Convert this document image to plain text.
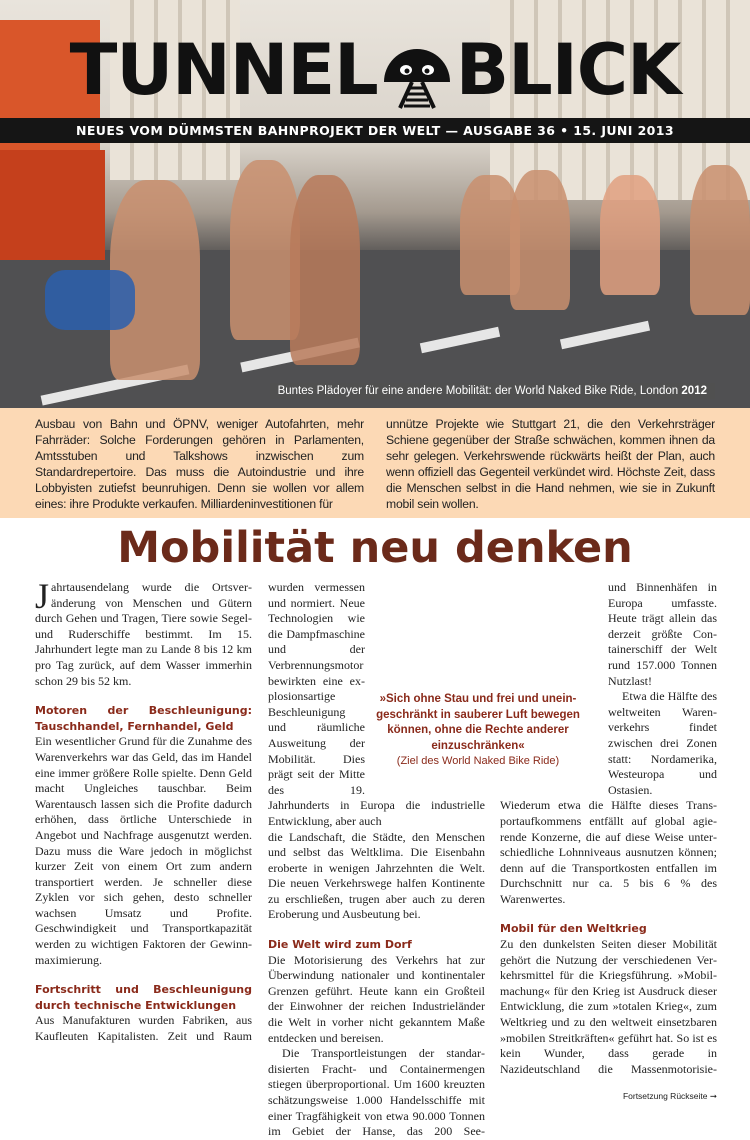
TUNNEL BLICK
NEUES VOM DÜMMSTEN BAHNPROJEKT DER WELT — AUSGABE 36 • 15. JUNI 2013
Buntes Plädoyer für eine andere Mobilität: der World Naked Bike Ride, London 2012

Ausbau von Bahn und ÖPNV, weniger Autofahrten, mehr Fahrräder: Solche Forderungen gehören in Parlamenten, Amtsstuben und Talkshows inzwischen zum Standardrepertoire. Das muss die Autoindustrie und ihre Lobbyisten zutiefst beunruhigen. Denn sie wollen vor allem eines: ihre Produkte verkaufen. Milliardeninvestitionen für

unnütze Projekte wie Stuttgart 21, die den Verkehrsträger Schiene gegenüber der Straße schwächen, kommen ihnen da sehr gelegen. Verkehrswende rückwärts heißt der Plan, auch wenn offiziell das Gegenteil verkündet wird. Höchste Zeit, dass die Menschen selbst in die Hand nehmen, wie sie in Zukunft mobil sein wollen.

Mobilität neu denken

Jahrtausendelang wurde die Ortsveränderung von Menschen und Gütern durch Gehen und Tragen, Tiere sowie Segel- und Ruderschiffe bestimmt. Im 15. Jahrhundert legte man zu Lande 8 bis 12 km pro Tag zurück, auf dem Wasser immerhin schon 29 bis 52 km.

Motoren der Beschleunigung: Tauschhandel, Fernhandel, Geld

Ein wesentlicher Grund für die Zunahme des Warenverkehrs war das Geld, das im Handel eine immer größere Rolle spielte. Denn Geld macht Ungleiches tauschbar. Beim Warentausch lassen sich die Profite dadurch erhöhen, dass örtliche Unterschiede in Angebot und Nachfrage ausgenutzt werden. Dazu muss die Ware jedoch in möglichst kurzer Zeit von einem Ort zum andern transportiert werden. Je schneller diese Zyklen vor sich gehen, desto schneller wachsen Umsatz und Profite. Geschwindigkeit und Transportkapazität werden zu wichtigen Faktoren der Gewinnmaximierung.

Fortschritt und Beschleunigung durch technische Entwicklungen

Aus Manufakturen wurden Fabriken, aus Kaufleuten Kapitalisten. Zeit und Raum

»Sich ohne Stau und frei und uneingeschränkt in sauberer Luft bewegen können, ohne die Rechte anderer einzuschränken«
(Ziel des World Naked Bike Ride)

wurden vermessen und normiert. Neue Technologien wie die Dampfmaschine und der Verbrennungsmotor bewirkten eine explosionsartige Beschleunigung und räumliche Ausweitung der Mobilität. Dies prägt seit der Mitte des 19. Jahrhunderts in Europa die industrielle Entwicklung, aber auch

die Landschaft, die Städte, den Menschen und selbst das Weltklima. Die Eisenbahn eroberte in wenigen Jahrzehnten die Welt. Die neuen Verkehrswege halfen Kontinente zu erschließen, trugen aber auch zu deren Eroberung und Ausbeutung bei.

Die Welt wird zum Dorf

Die Motorisierung des Verkehrs hat zur Überwindung nationaler und kontinentaler Grenzen geführt. Heute kann ein Großteil der Einwohner der reichen Industrieländer die Welt in vorher nicht gekanntem Maße entdecken und bereisen.

Die Transportleistungen der standardisierten Fracht- und Containermengen stiegen überproportional. Um 1600 kreuzten schätzungsweise 1.000 Handelsschiffe mit einer Tragfähigkeit von etwa 90.000 Tonnen im Gebiet der Hanse, das 200 See-

und Binnenhäfen in Europa umfasste. Heute trägt allein das derzeit größte Containerschiff der Welt rund 157.000 Tonnen Nutzlast!

Etwa die Hälfte des weltweiten Warenverkehrs findet zwischen drei Zonen statt: Nordamerika, Westeuropa und Ostasien.

Wiederum etwa die Hälfte dieses Transportaufkommens entfällt auf global agierende Konzerne, die auf diese Weise unterschiedliche Lohnniveaus ausnutzen können; denn auf die Transportkosten entfallen im Durchschnitt nur ca. 5 bis 6 % des Warenwertes.

Mobil für den Weltkrieg

Zu den dunkelsten Seiten dieser Mobilität gehört die Nutzung der verschiedenen Verkehrsmittel für die Kriegsführung. »Mobilmachung« für den Krieg ist Ausdruck dieser Entwicklung, die zum »totalen Krieg«, zum Weltkrieg und zu den weltweit einsetzbaren »mobilen Streitkräften« geführt hat. So ist es kein Wunder, dass gerade in Nazideutschland die Massenmotorisie-

Fortsetzung Rückseite ➞
